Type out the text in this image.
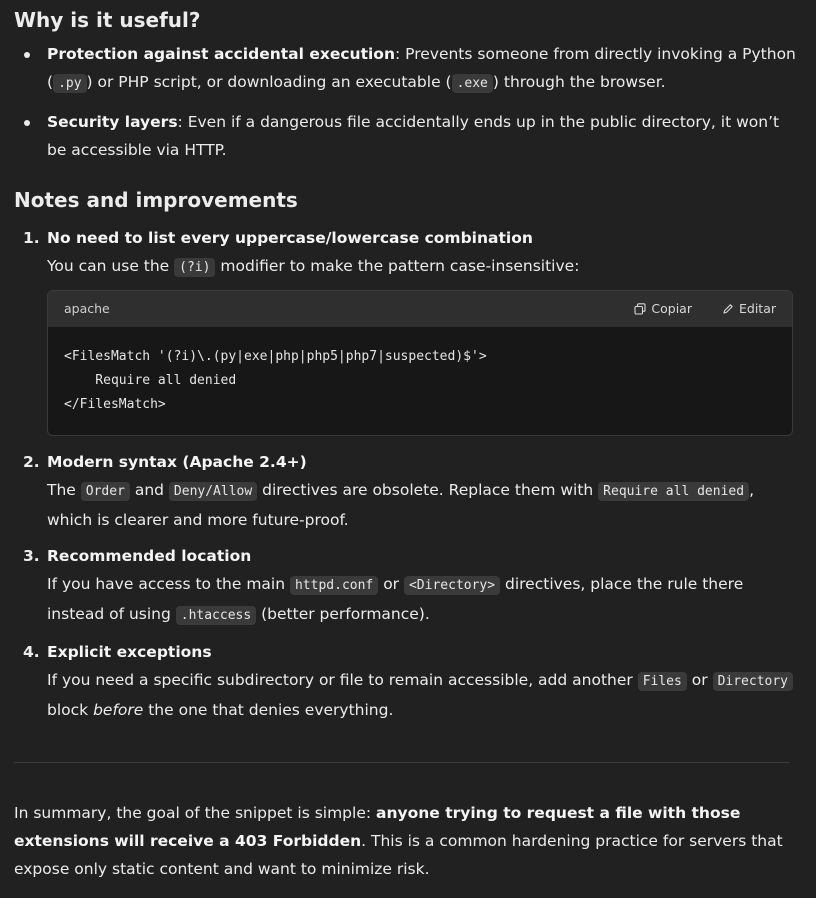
Why is it useful?
Protection against accidental execution: Prevents someone from directly invoking a Python ( .py ) or PHP script, or downloading an executable ( .exe ) through the browser.
Security layers: Even if a dangerous file accidentally ends up in the public directory, it won’t be accessible via HTTP.
Notes and improvements
1. No need to list every uppercase/lowercase combination
You can use the (?i) modifier to make the pattern case-insensitive:
apache	Copiar	Editar
<FilesMatch '(?i)\.(py|exe|php|php5|php7|suspected)$'>
Require all denied
</FilesMatch>
2. Modern syntax (Apache 2.4+)
The Order and Deny/Allow directives are obsolete. Replace them with Require all denied , which is clearer and more future-proof.
3. Recommended location
If you have access to the main httpd.conf or <Directory> directives, place the rule there instead of using .htaccess (better performance).
4. Explicit exceptions
If you need a specific subdirectory or file to remain accessible, add another Files or Directory block before the one that denies everything.

In summary, the goal of the snippet is simple: anyone trying to request a file with those extensions will receive a 403 Forbidden. This is a common hardening practice for servers that expose only static content and want to minimize risk.
